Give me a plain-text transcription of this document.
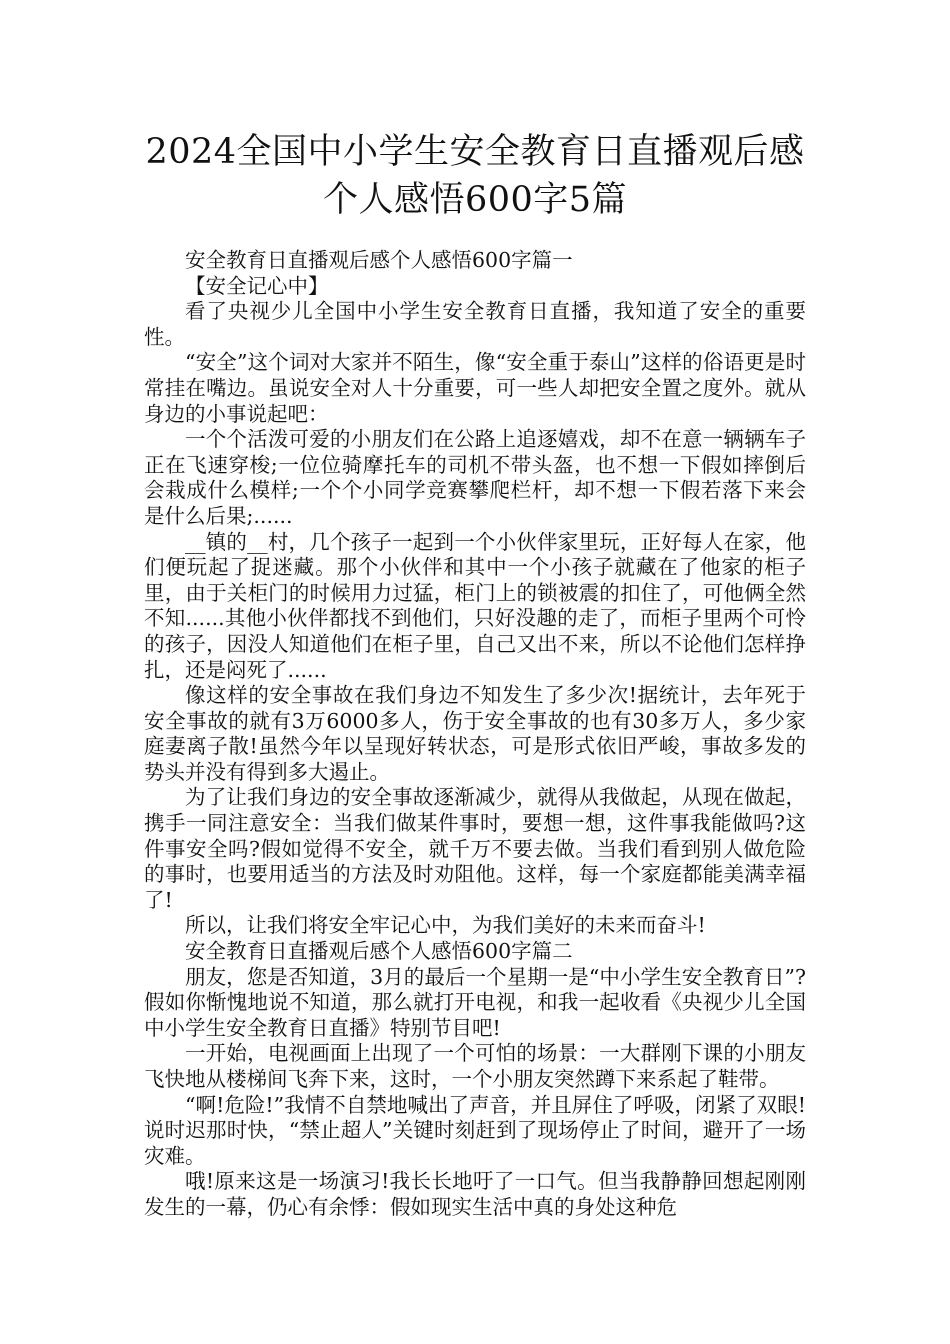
2024全国中小学生安全教育日直播观后感
个人感悟600字5篇

安全教育日直播观后感个人感悟600字篇一

【安全记心中】

看了央视少儿全国中小学生安全教育日直播，我知道了安全的重要性。

“安全”这个词对大家并不陌生，像“安全重于泰山”这样的俗语更是时常挂在嘴边。虽说安全对人十分重要，可一些人却把安全置之度外。就从身边的小事说起吧：

一个个活泼可爱的小朋友们在公路上追逐嬉戏，却不在意一辆辆车子正在飞速穿梭;一位位骑摩托车的司机不带头盔，也不想一下假如摔倒后会栽成什么模样;一个个小同学竞赛攀爬栏杆，却不想一下假若落下来会是什么后果;......

__镇的__村，几个孩子一起到一个小伙伴家里玩，正好每人在家，他们便玩起了捉迷藏。那个小伙伴和其中一个小孩子就藏在了他家的柜子里，由于关柜门的时候用力过猛，柜门上的锁被震的扣住了，可他俩全然不知......其他小伙伴都找不到他们，只好没趣的走了，而柜子里两个可怜的孩子，因没人知道他们在柜子里，自己又出不来，所以不论他们怎样挣扎，还是闷死了......

像这样的安全事故在我们身边不知发生了多少次!据统计，去年死于安全事故的就有3万6000多人，伤于安全事故的也有30多万人，多少家庭妻离子散!虽然今年以呈现好转状态，可是形式依旧严峻，事故多发的势头并没有得到多大遏止。

为了让我们身边的安全事故逐渐减少，就得从我做起，从现在做起，携手一同注意安全：当我们做某件事时，要想一想，这件事我能做吗?这件事安全吗?假如觉得不安全，就千万不要去做。当我们看到别人做危险的事时，也要用适当的方法及时劝阻他。这样，每一个家庭都能美满幸福了!

所以，让我们将安全牢记心中，为我们美好的未来而奋斗!

安全教育日直播观后感个人感悟600字篇二

朋友，您是否知道，3月的最后一个星期一是“中小学生安全教育日”?假如你惭愧地说不知道，那么就打开电视，和我一起收看《央视少儿全国中小学生安全教育日直播》特别节目吧!

一开始，电视画面上出现了一个可怕的场景：一大群刚下课的小朋友飞快地从楼梯间飞奔下来，这时，一个小朋友突然蹲下来系起了鞋带。

“啊!危险!”我情不自禁地喊出了声音，并且屏住了呼吸，闭紧了双眼!说时迟那时快，“禁止超人”关键时刻赶到了现场停止了时间，避开了一场灾难。

哦!原来这是一场演习!我长长地吁了一口气。但当我静静回想起刚刚发生的一幕，仍心有余悸：假如现实生活中真的身处这种危
